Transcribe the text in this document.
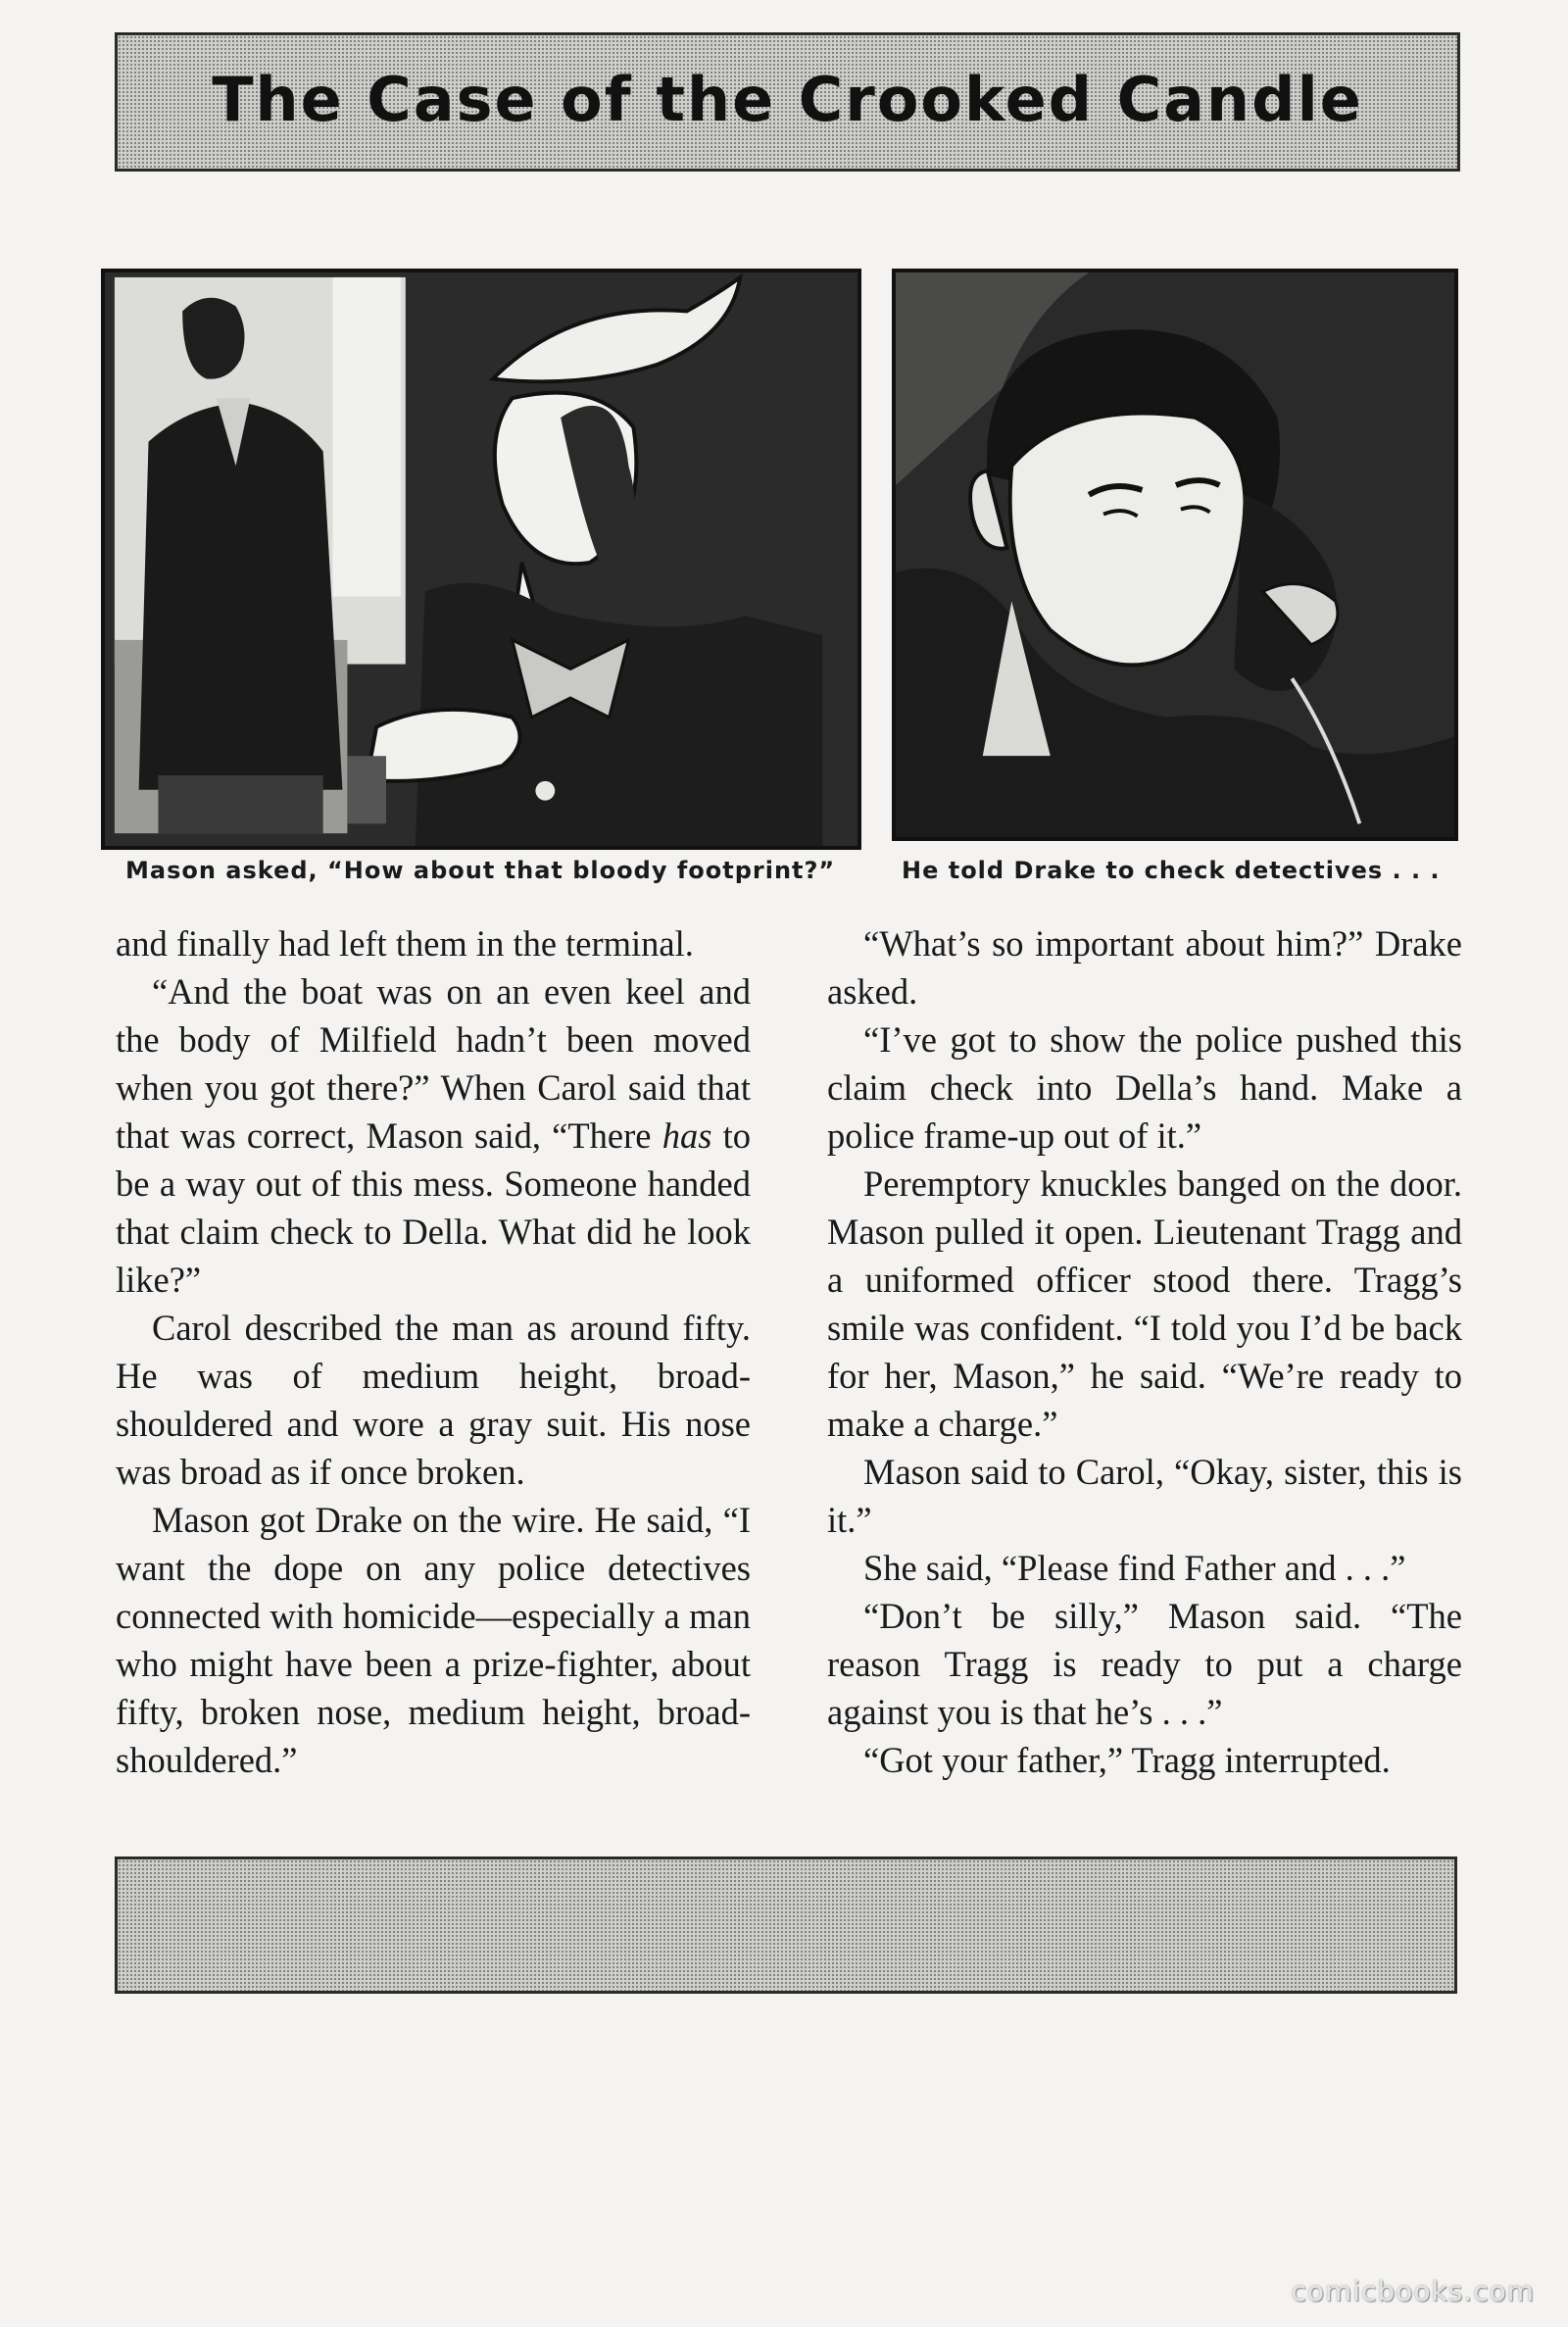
The Case of the Crooked Candle
Mason asked, “How about that bloody footprint?”	He told Drake to check detectives . . .

and finally had left them in the terminal.

“And the boat was on an even keel and the body of Milfield hadn’t been moved when you got there?” When Carol said that that was correct, Mason said, “There has to be a way out of this mess. Someone handed that claim check to Della. What did he look like?”

Carol described the man as around fifty. He was of medium height, broad-shouldered and wore a gray suit. His nose was broad as if once broken.

Mason got Drake on the wire. He said, “I want the dope on any police detectives connected with homicide—especially a man who might have been a prize-fighter, about fifty, broken nose, medium height, broad-shouldered.”

“What’s so important about him?” Drake asked.

“I’ve got to show the police pushed this claim check into Della’s hand. Make a police frame-up out of it.”

Peremptory knuckles banged on the door. Mason pulled it open. Lieutenant Tragg and a uniformed officer stood there. Tragg’s smile was confident. “I told you I’d be back for her, Mason,” he said. “We’re ready to make a charge.”

Mason said to Carol, “Okay, sister, this is it.”

She said, “Please find Father and . . .”

“Don’t be silly,” Mason said. “The reason Tragg is ready to put a charge against you is that he’s . . .”

“Got your father,” Tragg interrupted.

comicbooks.com
